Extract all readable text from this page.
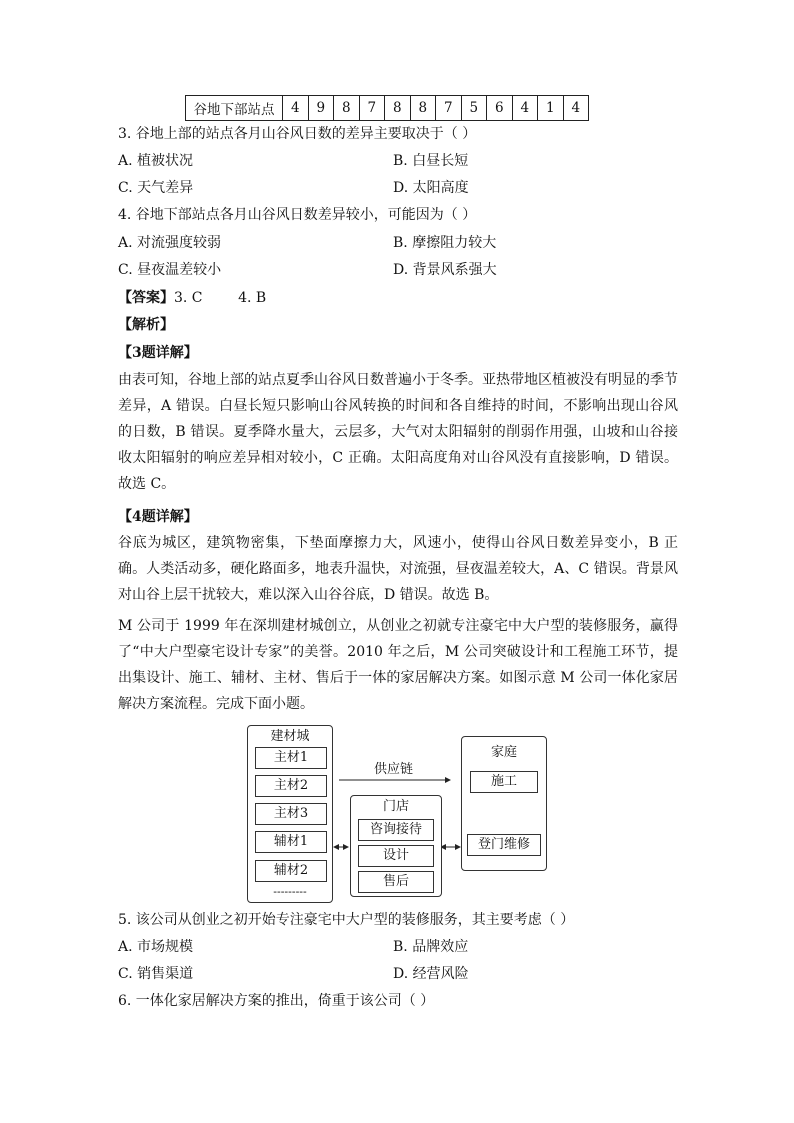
谷地下部站点	4	9	8	7	8	8	7	5	6	4	1	4
3. 谷地上部的站点各月山谷风日数的差异主要取决于（ ）
A. 植被状况	B. 白昼长短
C. 天气差异	D. 太阳高度
4. 谷地下部站点各月山谷风日数差异较小，可能因为（ ）
A. 对流强度较弱	B. 摩擦阻力较大
C. 昼夜温差较小	D. 背景风系强大
【答案】3. C        4. B
【解析】
【3题详解】
由表可知，谷地上部的站点夏季山谷风日数普遍小于冬季。亚热带地区植被没有明显的季节差异，A 错误。白昼长短只影响山谷风转换的时间和各自维持的时间，不影响出现山谷风的日数，B 错误。夏季降水量大，云层多，大气对太阳辐射的削弱作用强，山坡和山谷接收太阳辐射的响应差异相对较小，C 正确。太阳高度角对山谷风没有直接影响，D 错误。故选 C。
【4题详解】
谷底为城区，建筑物密集，下垫面摩擦力大，风速小，使得山谷风日数差异变小，B 正确。人类活动多，硬化路面多，地表升温快，对流强，昼夜温差较大，A、C 错误。背景风对山谷上层干扰较大，难以深入山谷谷底，D 错误。故选 B。
M 公司于 1999 年在深圳建材城创立，从创业之初就专注豪宅中大户型的装修服务，赢得了“中大户型豪宅设计专家”的美誉。2010 年之后，M 公司突破设计和工程施工环节，提出集设计、施工、辅材、主材、售后于一体的家居解决方案。如图示意 M 公司一体化家居解决方案流程。完成下面小题。
建材城
主材1
主材2
主材3
辅材1
辅材2
---------
供应链
门店
咨询接待
设计
售后
家庭
施工
登门维修
5. 该公司从创业之初开始专注豪宅中大户型的装修服务，其主要考虑（ ）
A. 市场规模	B. 品牌效应
C. 销售渠道	D. 经营风险
6. 一体化家居解决方案的推出，倚重于该公司（ ）
